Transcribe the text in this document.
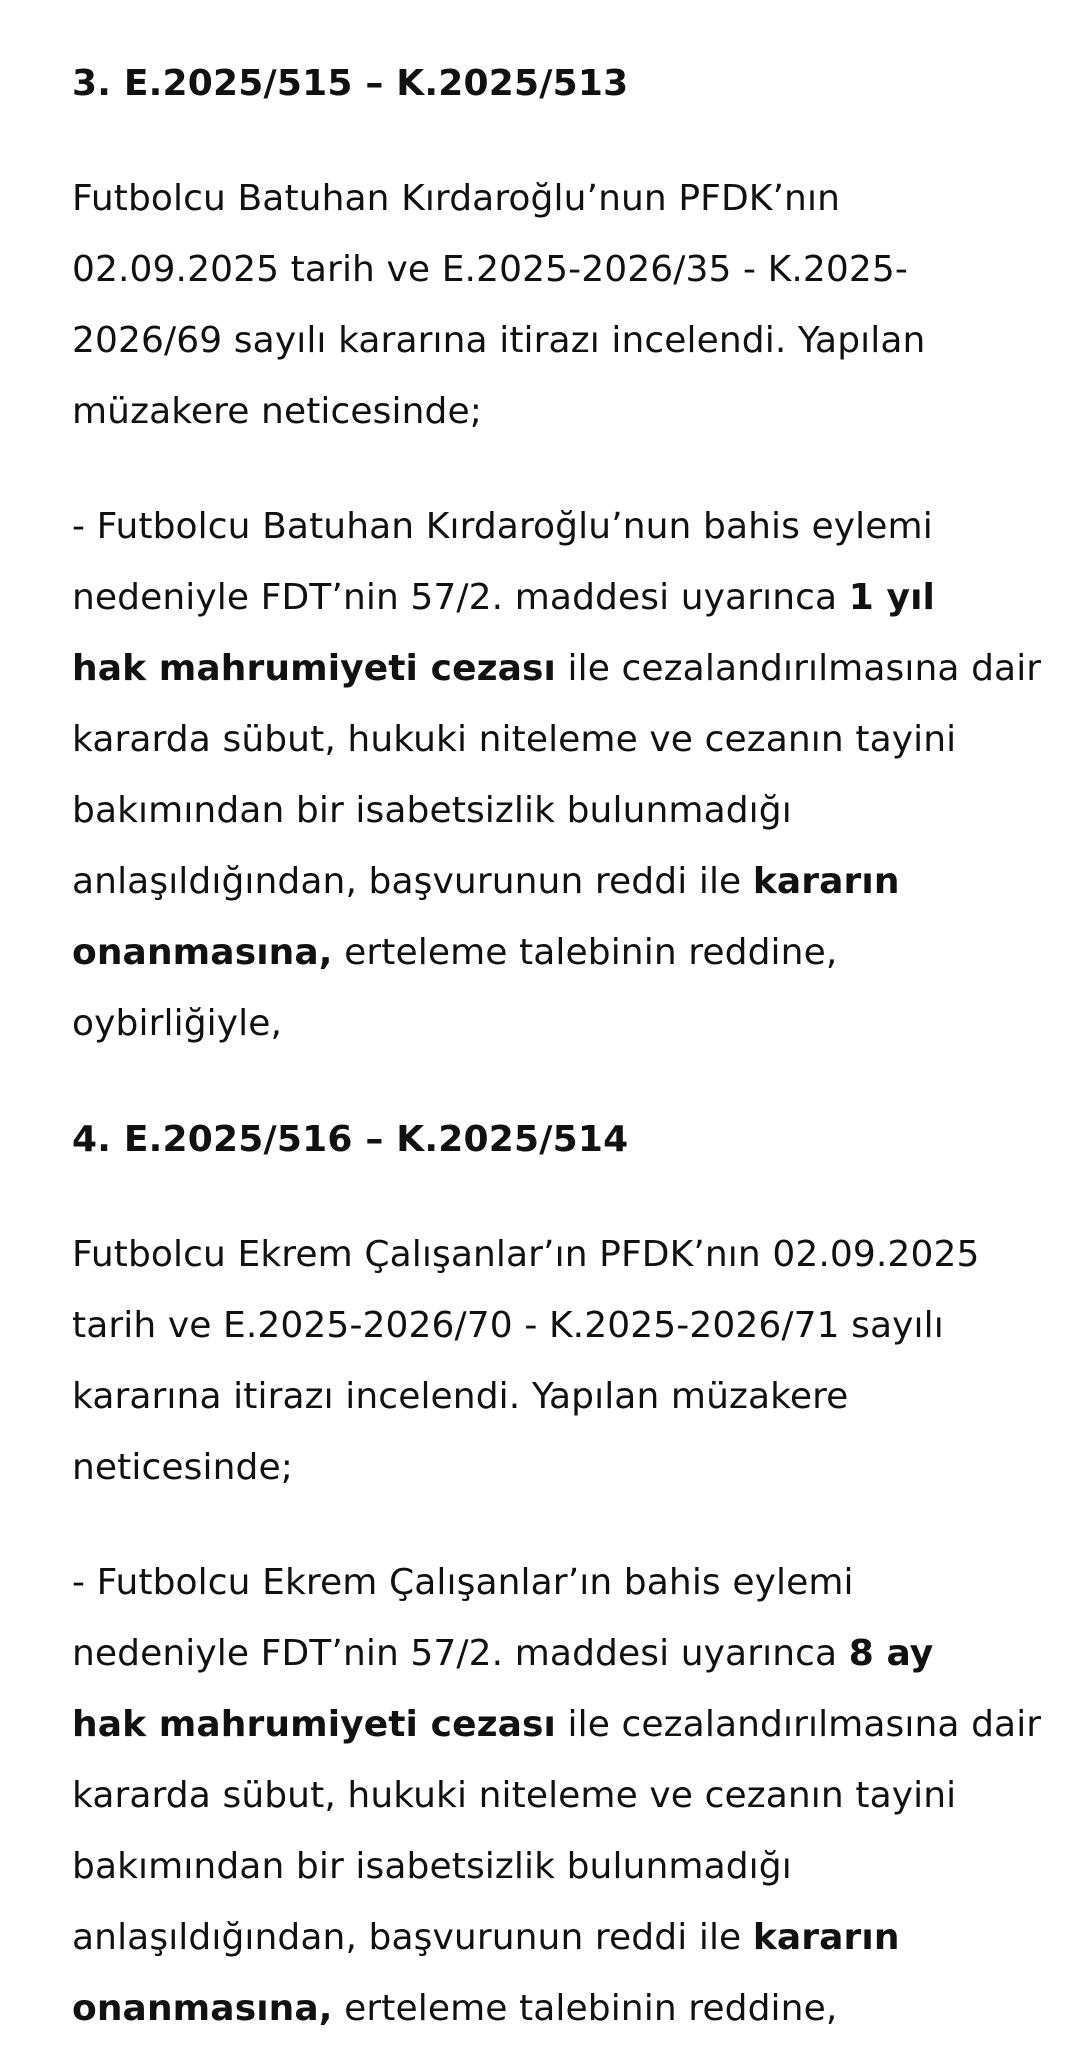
3. E.2025/515 – K.2025/513

Futbolcu Batuhan Kırdaroğlu’nun PFDK’nın
02.09.2025 tarih ve E.2025-2026/35 - K.2025-
2026/69 sayılı kararına itirazı incelendi. Yapılan
müzakere neticesinde;

- Futbolcu Batuhan Kırdaroğlu’nun bahis eylemi
nedeniyle FDT’nin 57/2. maddesi uyarınca 1 yıl
hak mahrumiyeti cezası ile cezalandırılmasına dair
kararda sübut, hukuki niteleme ve cezanın tayini
bakımından bir isabetsizlik bulunmadığı
anlaşıldığından, başvurunun reddi ile kararın
onanmasına, erteleme talebinin reddine,
oybirliğiyle,

4. E.2025/516 – K.2025/514

Futbolcu Ekrem Çalışanlar’ın PFDK’nın 02.09.2025
tarih ve E.2025-2026/70 - K.2025-2026/71 sayılı
kararına itirazı incelendi. Yapılan müzakere
neticesinde;

- Futbolcu Ekrem Çalışanlar’ın bahis eylemi
nedeniyle FDT’nin 57/2. maddesi uyarınca 8 ay
hak mahrumiyeti cezası ile cezalandırılmasına dair
kararda sübut, hukuki niteleme ve cezanın tayini
bakımından bir isabetsizlik bulunmadığı
anlaşıldığından, başvurunun reddi ile kararın
onanmasına, erteleme talebinin reddine,
